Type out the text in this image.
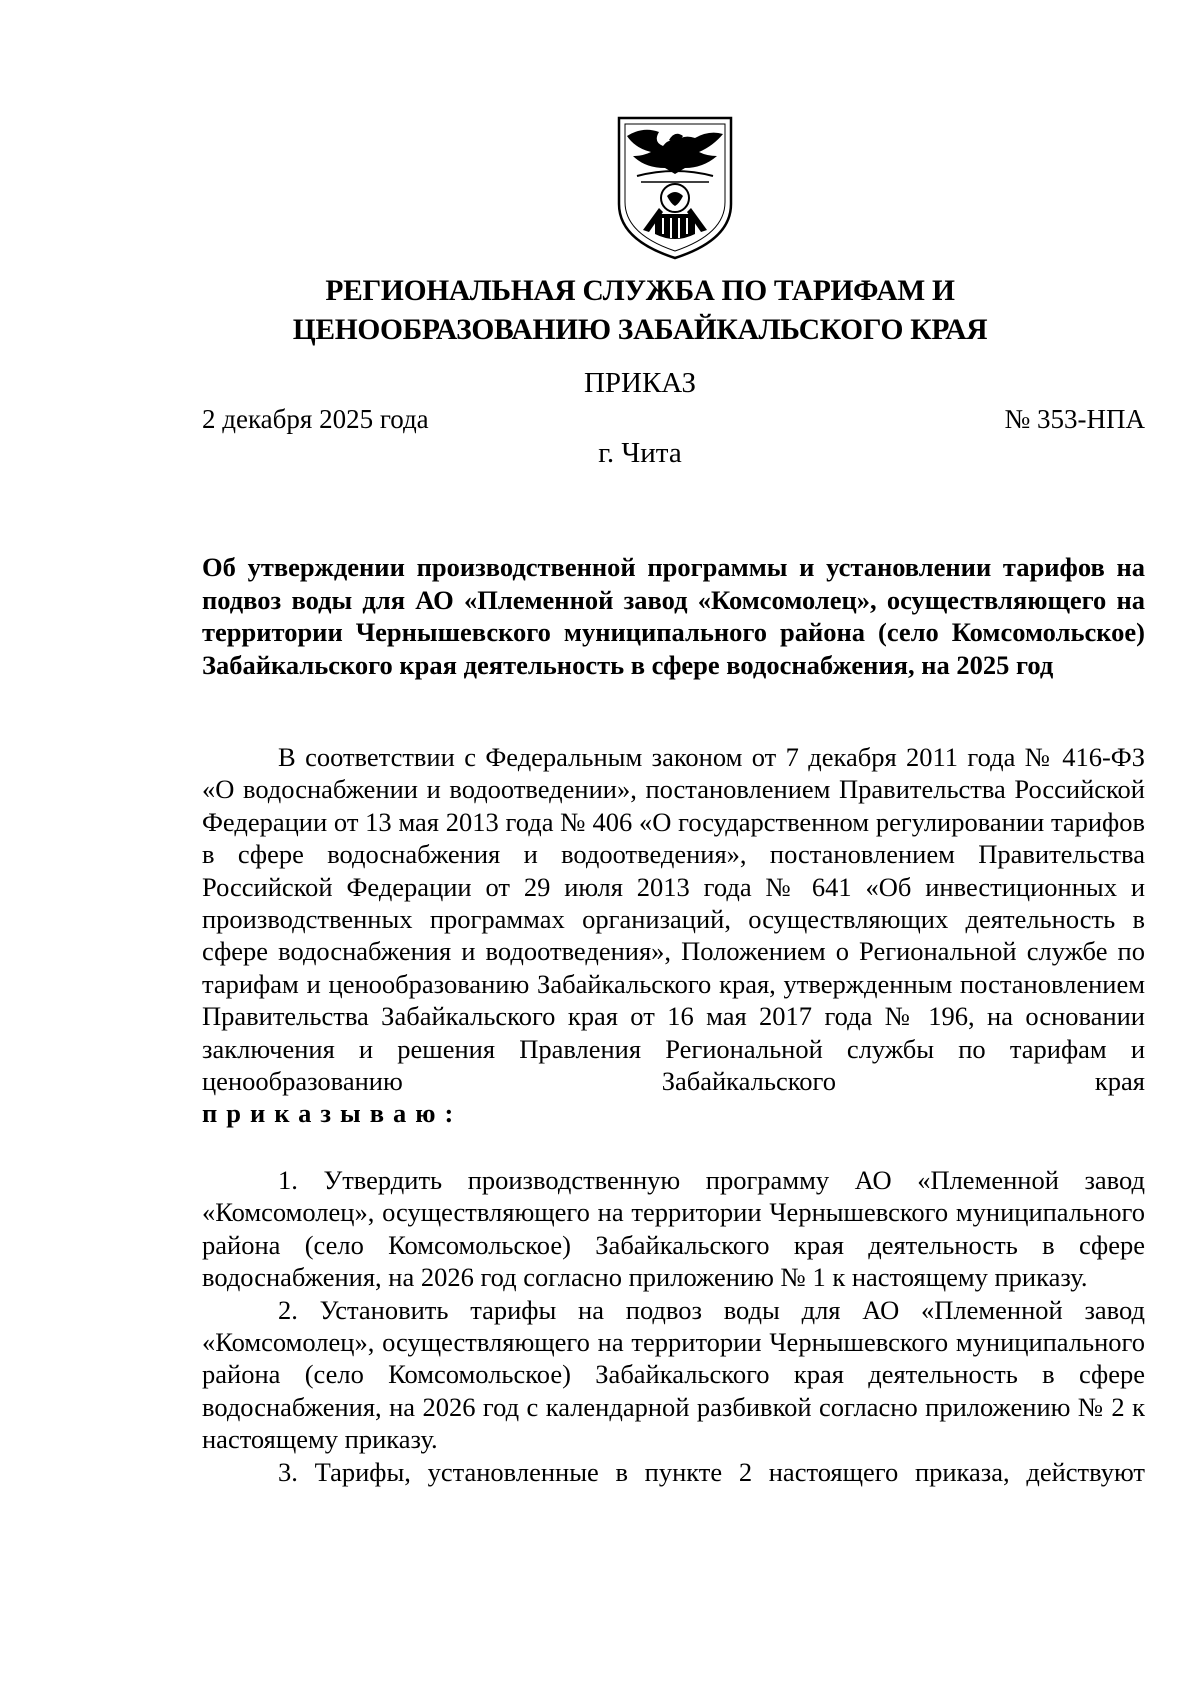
РЕГИОНАЛЬНАЯ СЛУЖБА ПО ТАРИФАМ И
ЦЕНООБРАЗОВАНИЮ ЗАБАЙКАЛЬСКОГО КРАЯ
ПРИКАЗ
2 декабря 2025 года	№ 353-НПА
г. Чита
Об утверждении производственной программы и установлении тарифов на подвоз воды для АО «Племенной завод «Комсомолец», осуществляющего на территории Чернышевского муниципального района (село Комсомольское) Забайкальского края деятельность в сфере водоснабжения, на 2025 год

В соответствии с Федеральным законом от 7 декабря 2011 года № 416-ФЗ «О водоснабжении и водоотведении», постановлением Правительства Российской Федерации от 13 мая 2013 года № 406 «О государственном регулировании тарифов в сфере водоснабжения и водоотведения», постановлением Правительства Российской Федерации от 29 июля 2013 года № 641 «Об инвестиционных и производственных программах организаций, осуществляющих деятельность в сфере водоснабжения и водоотведения», Положением о Региональной службе по тарифам и ценообразованию Забайкальского края, утвержденным постановлением Правительства Забайкальского края от 16 мая 2017 года № 196, на основании заключения и решения Правления Региональной службы по тарифам и ценообразованию Забайкальского края

приказываю:

1. Утвердить производственную программу АО «Племенной завод «Комсомолец», осуществляющего на территории Чернышевского муниципального района (село Комсомольское) Забайкальского края деятельность в сфере водоснабжения, на 2026 год согласно приложению № 1 к настоящему приказу.

2. Установить тарифы на подвоз воды для АО «Племенной завод «Комсомолец», осуществляющего на территории Чернышевского муниципального района (село Комсомольское) Забайкальского края деятельность в сфере водоснабжения, на 2026 год с календарной разбивкой согласно приложению № 2 к настоящему приказу.

3. Тарифы, установленные в пункте 2 настоящего приказа, действуют
